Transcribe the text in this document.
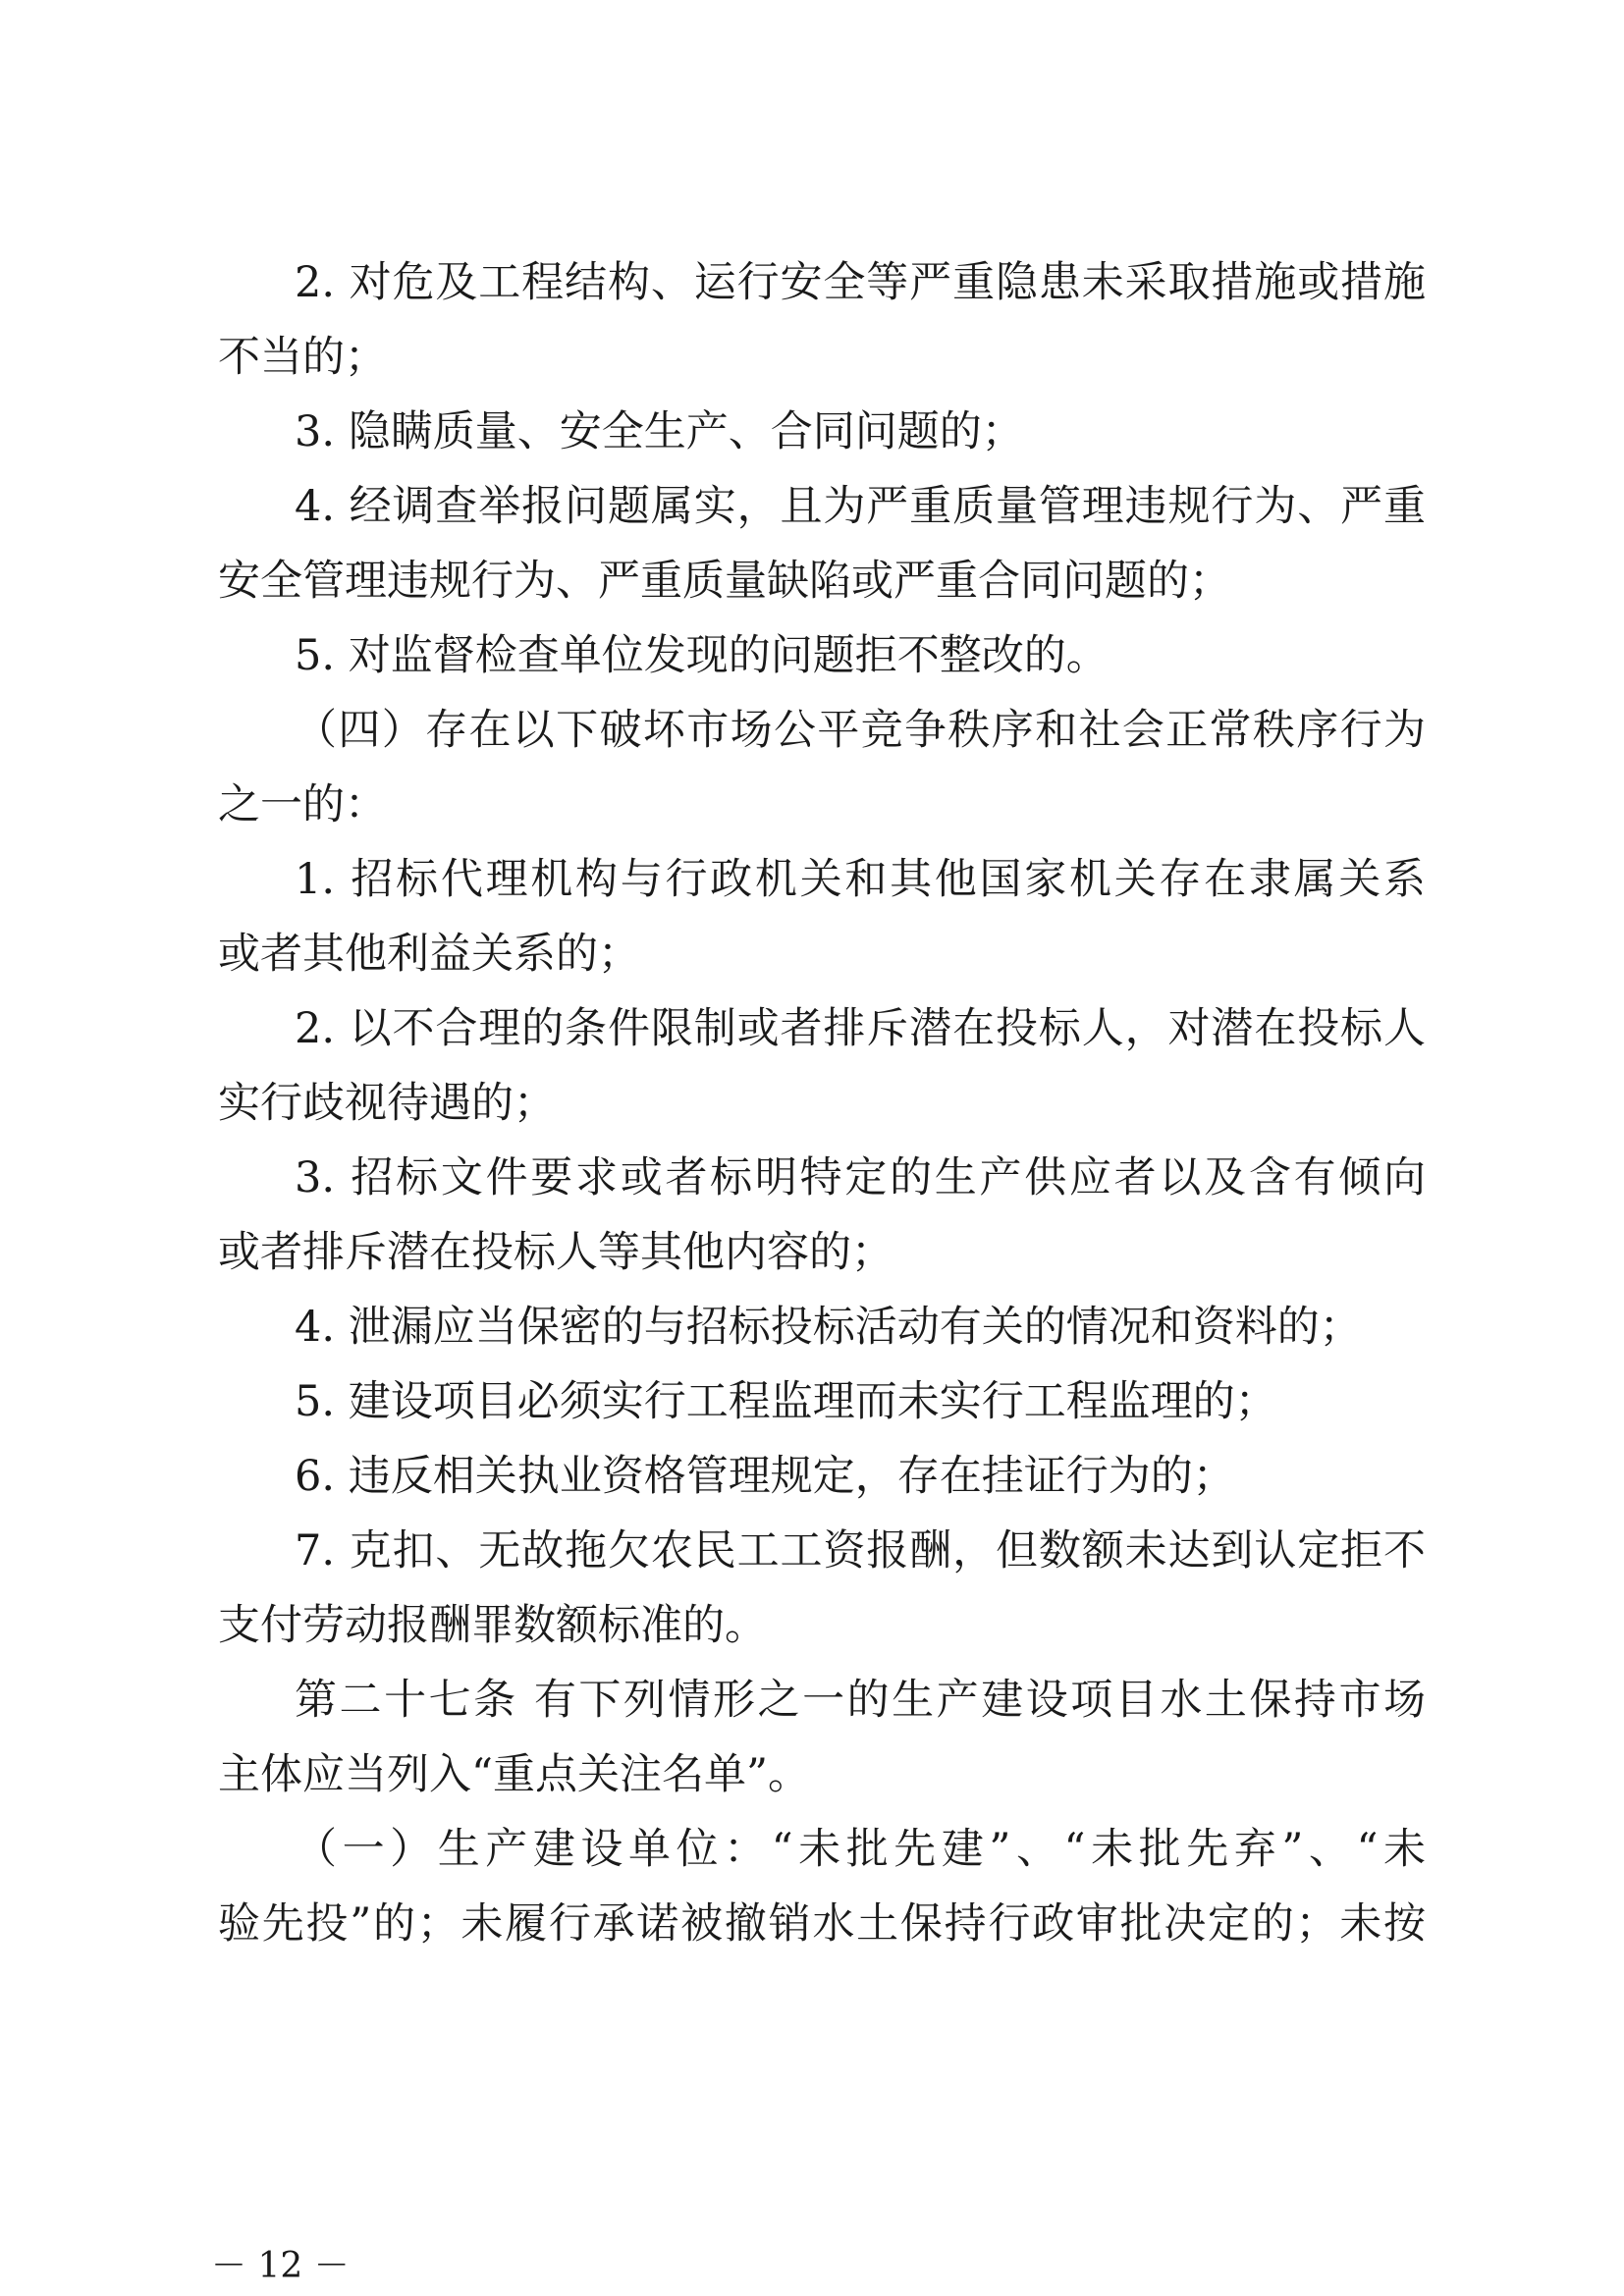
2. 对危及工程结构、运行安全等严重隐患未采取措施或措施
不当的；
3. 隐瞒质量、安全生产、合同问题的；
4. 经调查举报问题属实，且为严重质量管理违规行为、严重
安全管理违规行为、严重质量缺陷或严重合同问题的；
5. 对监督检查单位发现的问题拒不整改的。
（四）存在以下破坏市场公平竞争秩序和社会正常秩序行为
之一的：
1. 招标代理机构与行政机关和其他国家机关存在隶属关系
或者其他利益关系的；
2. 以不合理的条件限制或者排斥潜在投标人，对潜在投标人
实行歧视待遇的；
3. 招标文件要求或者标明特定的生产供应者以及含有倾向
或者排斥潜在投标人等其他内容的；
4. 泄漏应当保密的与招标投标活动有关的情况和资料的；
5. 建设项目必须实行工程监理而未实行工程监理的；
6. 违反相关执业资格管理规定，存在挂证行为的；
7. 克扣、无故拖欠农民工工资报酬，但数额未达到认定拒不
支付劳动报酬罪数额标准的。
第二十七条 有下列情形之一的生产建设项目水土保持市场
主体应当列入“重点关注名单”。
（一）生产建设单位：“未批先建”、“未批先弃”、“未
验先投”的；未履行承诺被撤销水土保持行政审批决定的；未按
－ 12 －
